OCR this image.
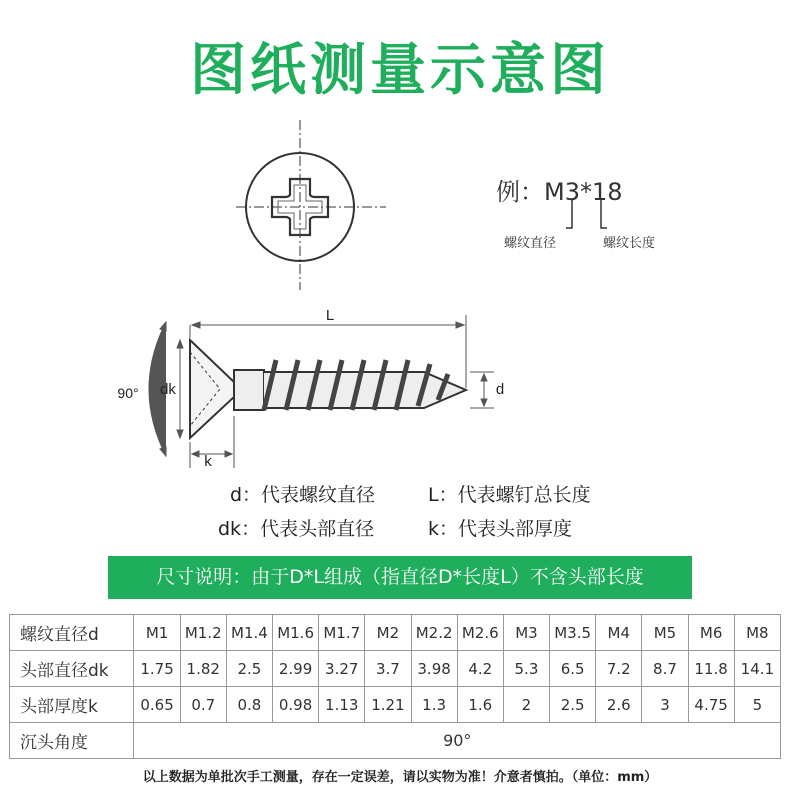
图纸测量示意图
L
dk	d
k
90°
例：M3*18
螺纹直径	螺纹长度
d：代表螺纹直径	L：代表螺钉总长度
dk：代表头部直径	k：代表头部厚度
尺寸说明：由于D*L组成（指直径D*长度L）不含头部长度
螺纹直径d	M1	M1.2	M1.4	M1.6	M1.7	M2	M2.2	M2.6	M3	M3.5	M4	M5	M6	M8
头部直径dk	1.75	1.82	2.5	2.99	3.27	3.7	3.98	4.2	5.3	6.5	7.2	8.7	11.8	14.1
头部厚度k	0.65	0.7	0.8	0.98	1.13	1.21	1.3	1.6	2	2.5	2.6	3	4.75	5
沉头角度	90°													
以上数据为单批次手工测量，存在一定误差，请以实物为准！介意者慎拍。（单位：mm）
